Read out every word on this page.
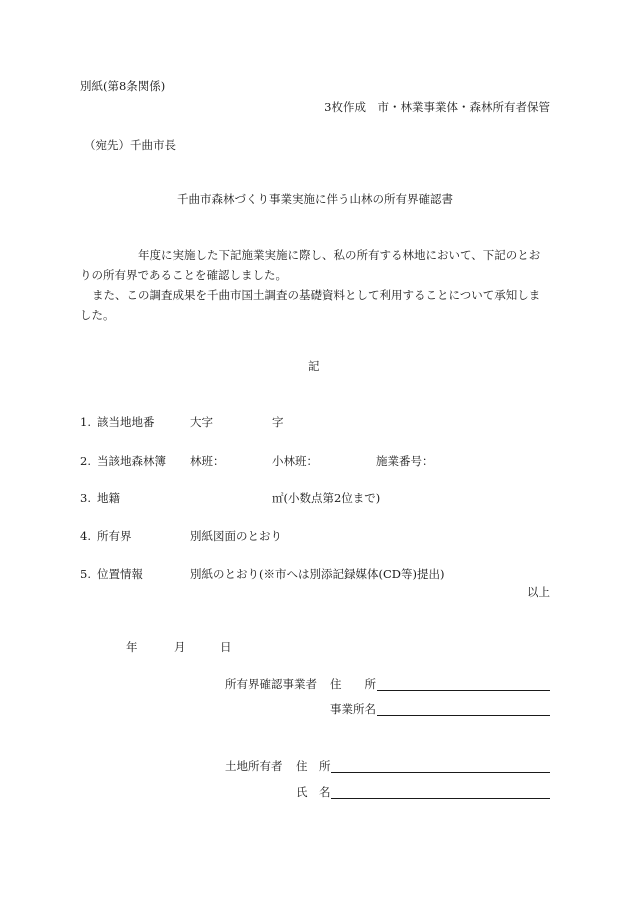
別紙(第8条関係)
3枚作成　市・林業事業体・森林所有者保管
（宛先）千曲市長
千曲市森林づくり事業実施に伴う山林の所有界確認書
年度に実施した下記施業実施に際し、私の所有する林地において、下記のとお
りの所有界であることを確認しました。
また、この調査成果を千曲市国土調査の基礎資料として利用することについて承知しま
した。
記
1. 該当地地番	大字	字
2. 当該地森林簿 林班：	小林班：	施業番号：
3. 地籍	㎡(小数点第2位まで)
4. 所有界	別紙図面のとおり
5. 位置情報	別紙のとおり(※市へは別添記録媒体(CD等)提出)
以上
年	月	日
所有界確認事業者 住　　所
事業所名
土地所有者 住　所
氏　名
